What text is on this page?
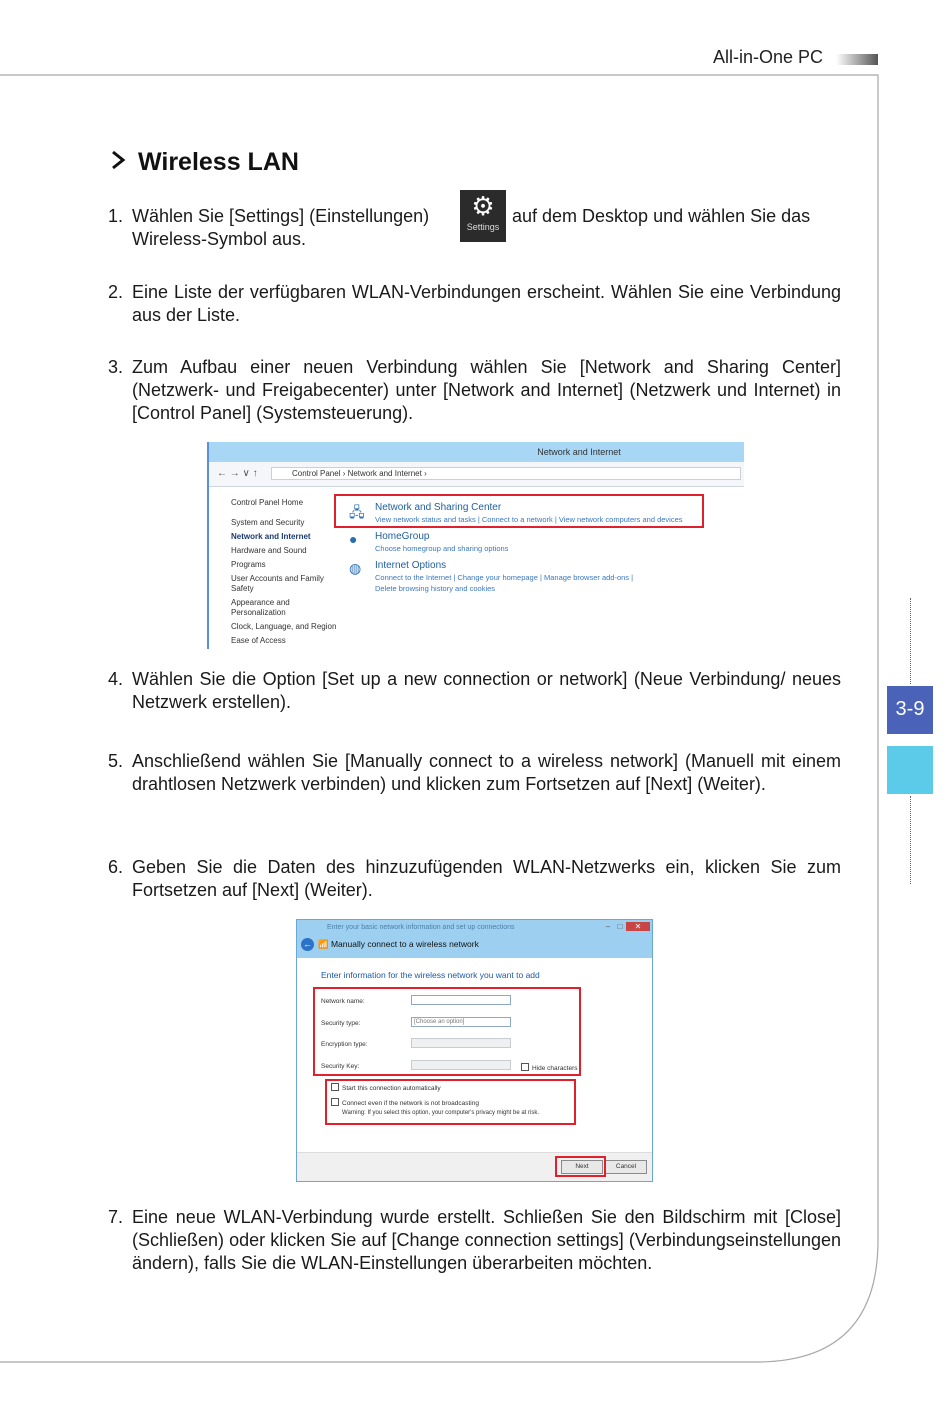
All-in-One PC
Wireless LAN
1. Wählen Sie [Settings] (Einstellungen)	⚙
Settings
auf dem Desktop und wählen Sie das
Wireless-Symbol aus.
2. Eine Liste der verfügbaren WLAN-Verbindungen erscheint. Wählen Sie eine Verbindung aus der Liste.
3. Zum Aufbau einer neuen Verbindung wählen Sie [Network and Sharing Center] (Netzwerk- und Freigabecenter) unter [Network and Internet] (Netzwerk und Internet) in [Control Panel] (Systemsteuerung).
Network and Internet
← → ∨ ↑	Control Panel › Network and Internet ›
Control Panel Home
System and Security
Network and Internet
Hardware and Sound
Programs
User Accounts and Family Safety
Appearance and Personalization
Clock, Language, and Region
Ease of Access
🖧 Network and Sharing Center
View network status and tasks | Connect to a network | View network computers and devices
●	HomeGroup
Choose homegroup and sharing options
◍	Internet Options
Connect to the Internet | Change your homepage | Manage browser add-ons |
Delete browsing history and cookies
4. Wählen Sie die Option [Set up a new connection or network] (Neue Verbindung/ neues Netzwerk erstellen).
5. Anschließend wählen Sie [Manually connect to a wireless network] (Manuell mit einem drahtlosen Netzwerk verbinden) und klicken zum Fortsetzen auf [Next] (Weiter).
6. Geben Sie die Daten des hinzuzufügenden WLAN-Netzwerks ein, klicken Sie zum Fortsetzen auf [Next] (Weiter).
Enter your basic network information and set up connections	– □ ✕
← 📶 Manually connect to a wireless network
Enter information for the wireless network you want to add
Network name:
Security type:	[Choose an option]
Encryption type:
Security Key:	Hide characters
Start this connection automatically
Connect even if the network is not broadcasting
Warning: If you select this option, your computer's privacy might be at risk.
Next	Cancel
7. Eine neue WLAN-Verbindung wurde erstellt. Schließen Sie den Bildschirm mit [Close] (Schließen) oder klicken Sie auf [Change connection settings] (Verbindungseinstellungen ändern), falls Sie die WLAN-Einstellungen überarbeiten möchten.
3-9
